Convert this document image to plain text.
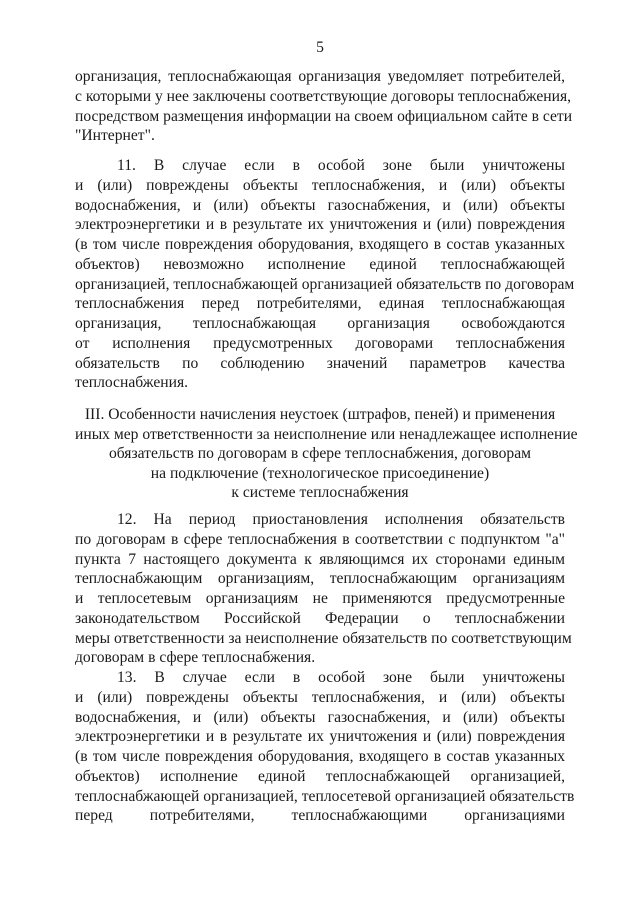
5
организация, теплоснабжающая организация уведомляет потребителей,
с которыми у нее заключены соответствующие договоры теплоснабжения,
посредством размещения информации на своем официальном сайте в сети
"Интернет".
11. В случае если в особой зоне были уничтожены
и (или) повреждены объекты теплоснабжения, и (или) объекты
водоснабжения, и (или) объекты газоснабжения, и (или) объекты
электроэнергетики и в результате их уничтожения и (или) повреждения
(в том числе повреждения оборудования, входящего в состав указанных
объектов) невозможно исполнение единой теплоснабжающей
организацией, теплоснабжающей организацией обязательств по договорам
теплоснабжения перед потребителями, единая теплоснабжающая
организация, теплоснабжающая организация освобождаются
от исполнения предусмотренных договорами теплоснабжения
обязательств по соблюдению значений параметров качества
теплоснабжения.
III. Особенности начисления неустоек (штрафов, пеней) и применения
иных мер ответственности за неисполнение или ненадлежащее исполнение
обязательств по договорам в сфере теплоснабжения, договорам
на подключение (технологическое присоединение)
к системе теплоснабжения
12. На период приостановления исполнения обязательств
по договорам в сфере теплоснабжения в соответствии с подпунктом "а"
пункта 7 настоящего документа к являющимся их сторонами единым
теплоснабжающим организациям, теплоснабжающим организациям
и теплосетевым организациям не применяются предусмотренные
законодательством Российской Федерации о теплоснабжении
меры ответственности за неисполнение обязательств по соответствующим
договорам в сфере теплоснабжения.
13. В случае если в особой зоне были уничтожены
и (или) повреждены объекты теплоснабжения, и (или) объекты
водоснабжения, и (или) объекты газоснабжения, и (или) объекты
электроэнергетики и в результате их уничтожения и (или) повреждения
(в том числе повреждения оборудования, входящего в состав указанных
объектов) исполнение единой теплоснабжающей организацией,
теплоснабжающей организацией, теплосетевой организацией обязательств
перед потребителями, теплоснабжающими организациями
